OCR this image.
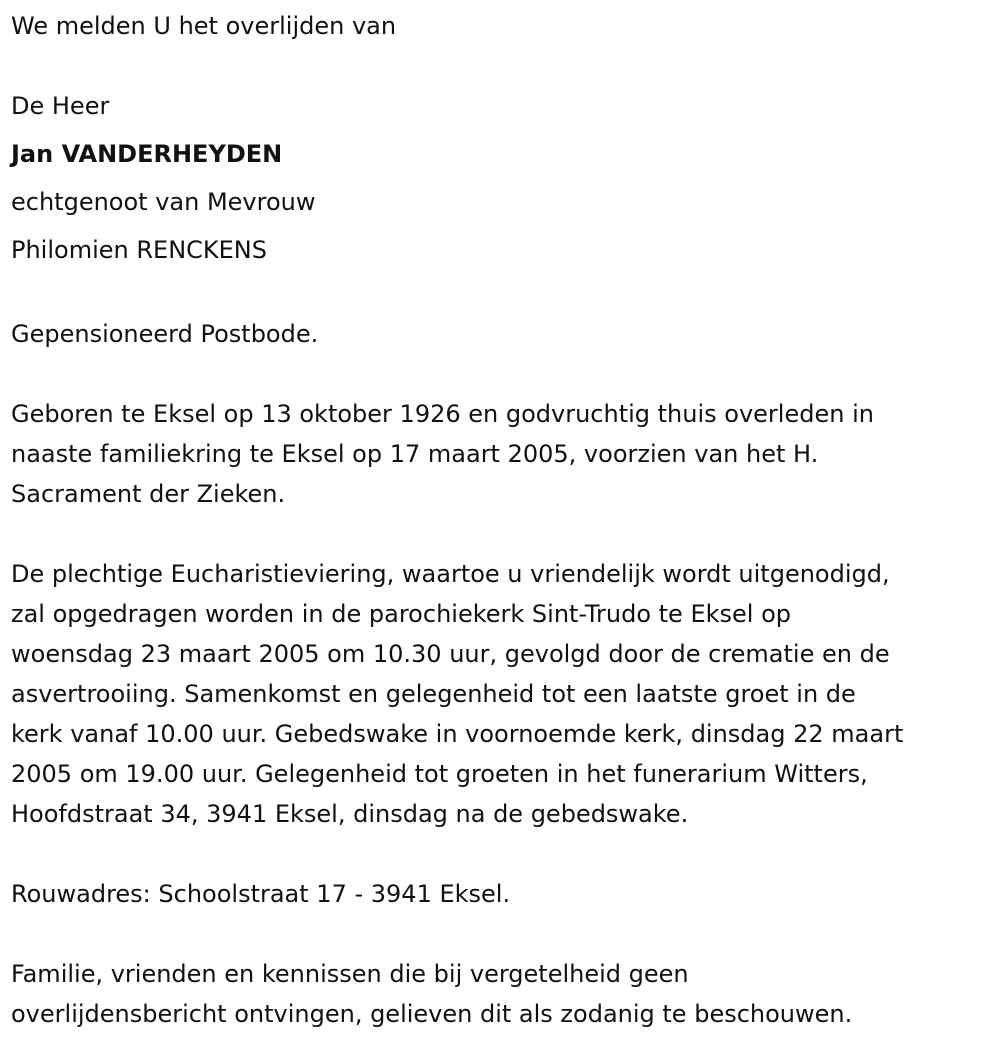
We melden U het overlijden van
De Heer
Jan VANDERHEYDEN
echtgenoot van Mevrouw
Philomien RENCKENS
Gepensioneerd Postbode.
Geboren te Eksel op 13 oktober 1926 en godvruchtig thuis overleden in
naaste familiekring te Eksel op 17 maart 2005, voorzien van het H.
Sacrament der Zieken.
De plechtige Eucharistieviering, waartoe u vriendelijk wordt uitgenodigd,
zal opgedragen worden in de parochiekerk Sint-Trudo te Eksel op
woensdag 23 maart 2005 om 10.30 uur, gevolgd door de crematie en de
asvertrooiing. Samenkomst en gelegenheid tot een laatste groet in de
kerk vanaf 10.00 uur. Gebedswake in voornoemde kerk, dinsdag 22 maart
2005 om 19.00 uur. Gelegenheid tot groeten in het funerarium Witters,
Hoofdstraat 34, 3941 Eksel, dinsdag na de gebedswake.
Rouwadres: Schoolstraat 17 - 3941 Eksel.
Familie, vrienden en kennissen die bij vergetelheid geen
overlijdensbericht ontvingen, gelieven dit als zodanig te beschouwen.
